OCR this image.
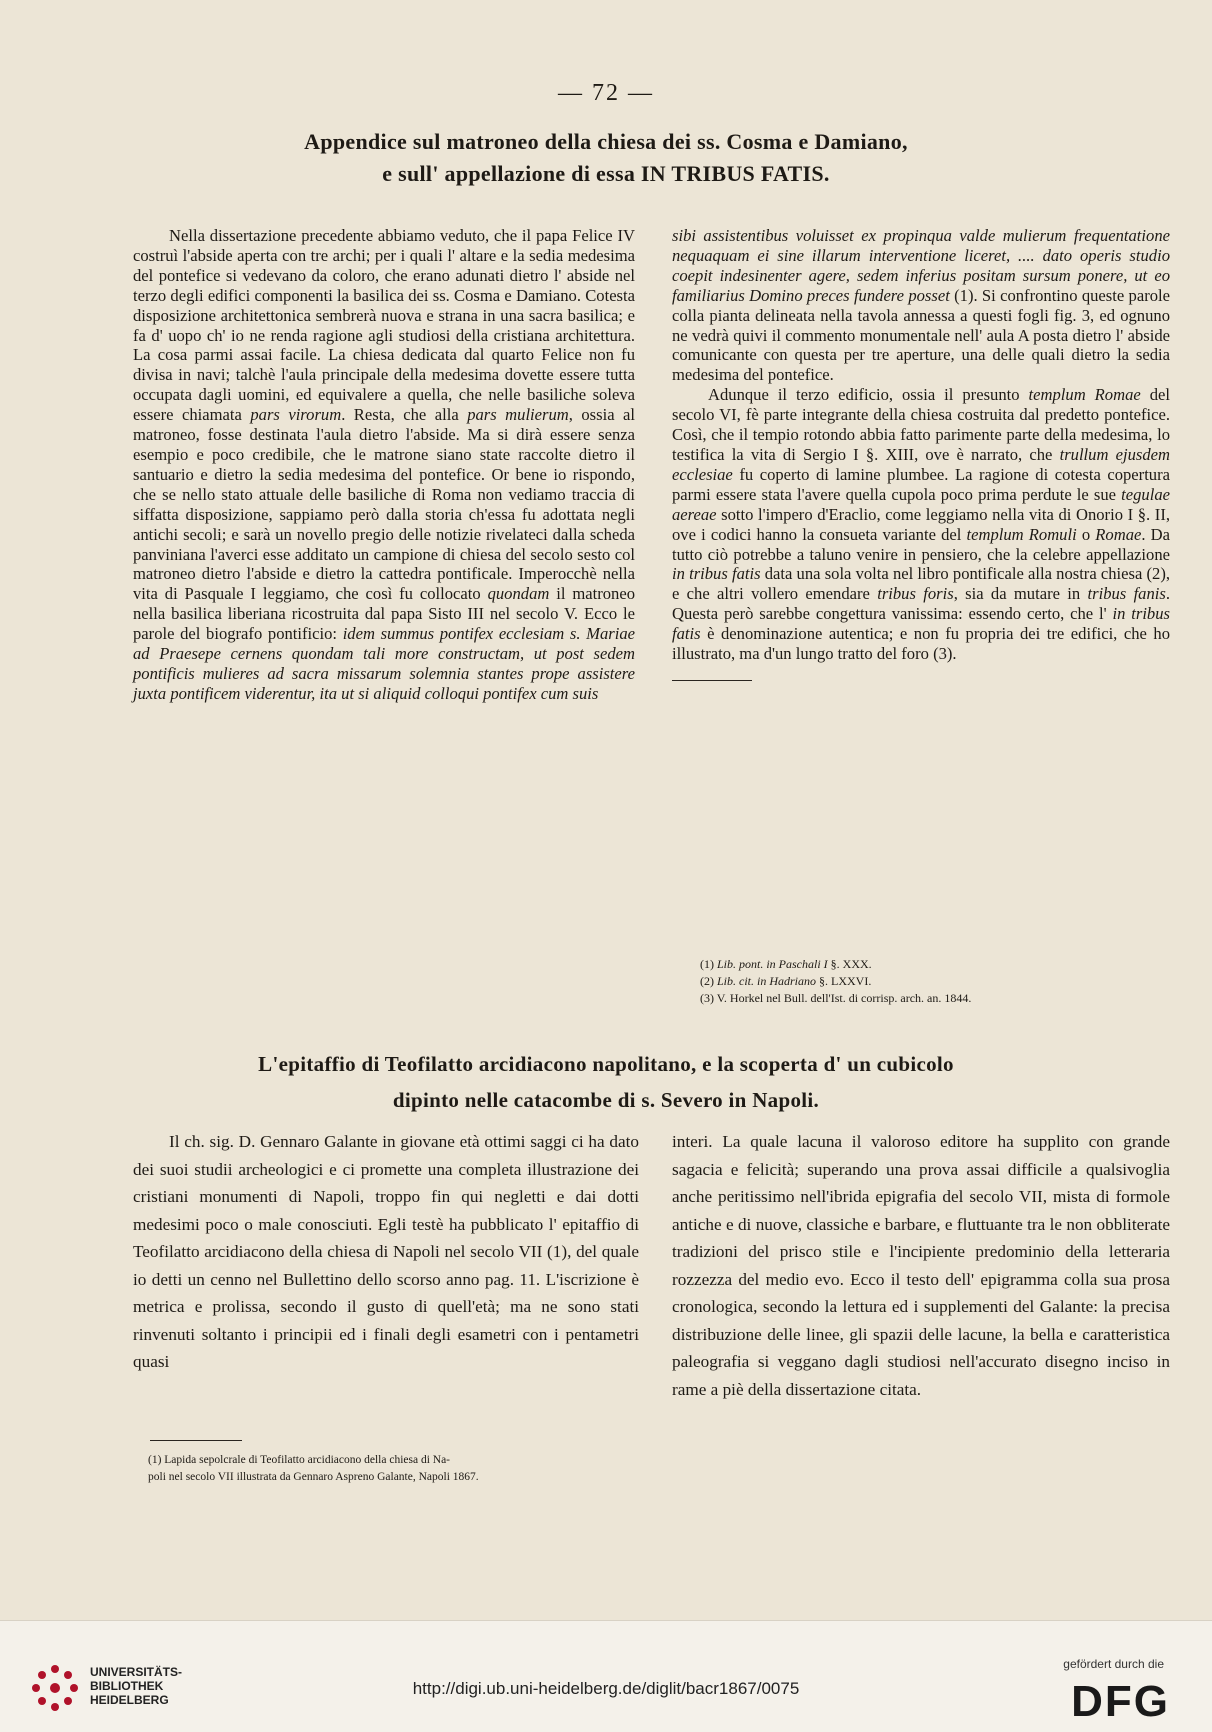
— 72 —
Appendice sul matroneo della chiesa dei ss. Cosma e Damiano,
e sull' appellazione di essa IN TRIBUS FATIS.

Nella dissertazione precedente abbiamo veduto, che il papa Felice IV costruì l'abside aperta con tre archi; per i quali l' altare e la sedia medesima del pontefice si vedevano da coloro, che erano adunati dietro l' abside nel terzo degli edifici componenti la basilica dei ss. Cosma e Damiano. Cotesta disposizione architettonica sembrerà nuova e strana in una sacra basilica; e fa d' uopo ch' io ne renda ragione agli studiosi della cristiana architettura. La cosa parmi assai facile. La chiesa dedicata dal quarto Felice non fu divisa in navi; talchè l'aula principale della medesima dovette essere tutta occupata dagli uomini, ed equivalere a quella, che nelle basiliche soleva essere chiamata pars virorum. Resta, che alla pars mulierum, ossia al matroneo, fosse destinata l'aula dietro l'abside. Ma si dirà essere senza esempio e poco credibile, che le matrone siano state raccolte dietro il santuario e dietro la sedia medesima del pontefice. Or bene io rispondo, che se nello stato attuale delle basiliche di Roma non vediamo traccia di siffatta disposizione, sappiamo però dalla storia ch'essa fu adottata negli antichi secoli; e sarà un novello pregio delle notizie rivelateci dalla scheda panviniana l'averci esse additato un campione di chiesa del secolo sesto col matroneo dietro l'abside e dietro la cattedra pontificale. Imperocchè nella vita di Pasquale I leggiamo, che così fu collocato quondam il matroneo nella basilica liberiana ricostruita dal papa Sisto III nel secolo V. Ecco le parole del biografo pontificio: idem summus pontifex ecclesiam s. Mariae ad Praesepe cernens quondam tali more constructam, ut post sedem pontificis mulieres ad sacra missarum solemnia stantes prope assistere juxta pontificem viderentur, ita ut si aliquid colloqui pontifex cum suis

sibi assistentibus voluisset ex propinqua valde mulierum frequentatione nequaquam ei sine illarum interventione liceret, .... dato operis studio coepit indesinenter agere, sedem inferius positam sursum ponere, ut eo familiarius Domino preces fundere posset (1). Si confrontino queste parole colla pianta delineata nella tavola annessa a questi fogli fig. 3, ed ognuno ne vedrà quivi il commento monumentale nell' aula A posta dietro l' abside comunicante con questa per tre aperture, una delle quali dietro la sedia medesima del pontefice.

Adunque il terzo edificio, ossia il presunto templum Romae del secolo VI, fè parte integrante della chiesa costruita dal predetto pontefice. Così, che il tempio rotondo abbia fatto parimente parte della medesima, lo testifica la vita di Sergio I §. XIII, ove è narrato, che trullum ejusdem ecclesiae fu coperto di lamine plumbee. La ragione di cotesta copertura parmi essere stata l'avere quella cupola poco prima perdute le sue tegulae aereae sotto l'impero d'Eraclio, come leggiamo nella vita di Onorio I §. II, ove i codici hanno la consueta variante del templum Romuli o Romae. Da tutto ciò potrebbe a taluno venire in pensiero, che la celebre appellazione in tribus fatis data una sola volta nel libro pontificale alla nostra chiesa (2), e che altri vollero emendare tribus foris, sia da mutare in tribus fanis. Questa però sarebbe congettura vanissima: essendo certo, che l' in tribus fatis è denominazione autentica; e non fu propria dei tre edifici, che ho illustrato, ma d'un lungo tratto del foro (3).

(1) Lib. pont. in Paschali I §. XXX.
(2) Lib. cit. in Hadriano §. LXXVI.
(3) V. Horkel nel Bull. dell'Ist. di corrisp. arch. an. 1844.
L'epitaffio di Teofilatto arcidiacono napolitano, e la scoperta d' un cubicolo
dipinto nelle catacombe di s. Severo in Napoli.

Il ch. sig. D. Gennaro Galante in giovane età ottimi saggi ci ha dato dei suoi studii archeologici e ci promette una completa illustrazione dei cristiani monumenti di Napoli, troppo fin qui negletti e dai dotti medesimi poco o male conosciuti. Egli testè ha pubblicato l' epitaffio di Teofilatto arcidiacono della chiesa di Napoli nel secolo VII (1), del quale io detti un cenno nel Bullettino dello scorso anno pag. 11. L'iscrizione è metrica e prolissa, secondo il gusto di quell'età; ma ne sono stati rinvenuti soltanto i principii ed i finali degli esametri con i pentametri quasi

(1) Lapida sepolcrale di Teofilatto arcidiacono della chiesa di Na-
poli nel secolo VII illustrata da Gennaro Aspreno Galante, Napoli 1867.

interi. La quale lacuna il valoroso editore ha supplito con grande sagacia e felicità; superando una prova assai difficile a qualsivoglia anche peritissimo nell'ibrida epigrafia del secolo VII, mista di formole antiche e di nuove, classiche e barbare, e fluttuante tra le non obbliterate tradizioni del prisco stile e l'incipiente predominio della letteraria rozzezza del medio evo. Ecco il testo dell' epigramma colla sua prosa cronologica, secondo la lettura ed i supplementi del Galante: la precisa distribuzione delle linee, gli spazii delle lacune, la bella e caratteristica paleografia si veggano dagli studiosi nell'accurato disegno inciso in rame a piè della dissertazione citata.

UNIVERSITÄTS-
BIBLIOTHEK
HEIDELBERG
http://digi.ub.uni-heidelberg.de/diglit/bacr1867/0075
gefördert durch die
DFG
